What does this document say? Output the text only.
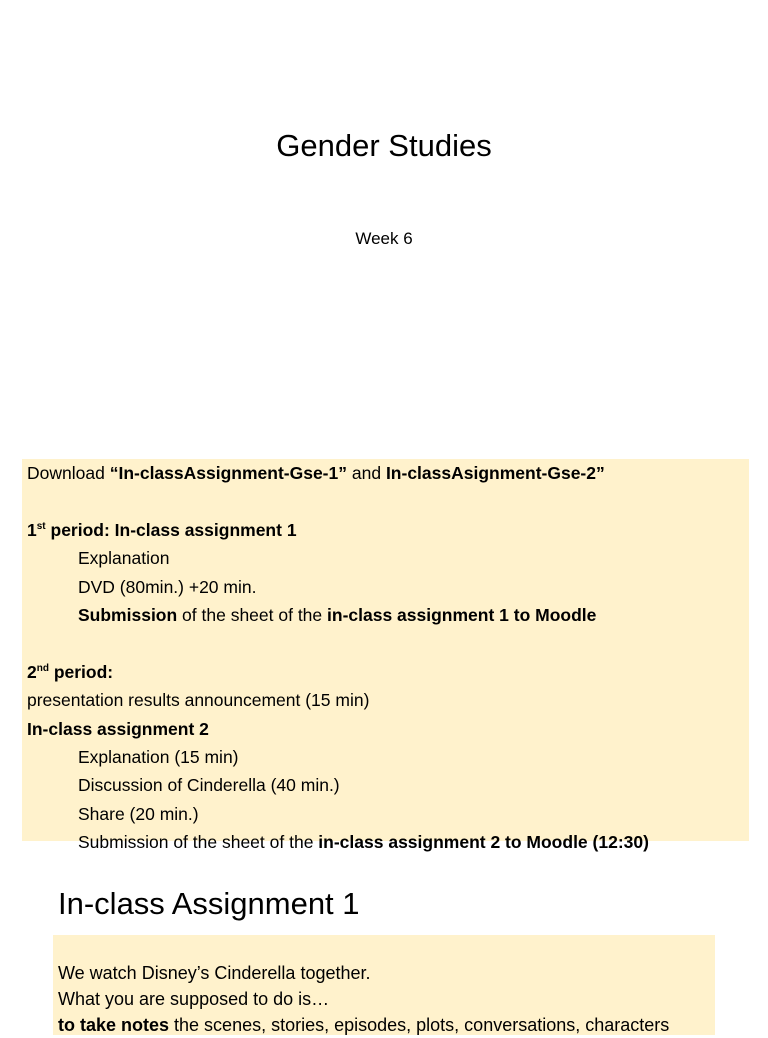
Gender Studies
Week 6
Download “In-classAssignment-Gse-1” and In-classAsignment-Gse-2”
1st period: In-class assignment 1
Explanation
DVD (80min.) +20 min.
Submission of the sheet of the in-class assignment 1 to Moodle
2nd period:
presentation results announcement (15 min)
In-class assignment 2
Explanation (15 min)
Discussion of Cinderella (40 min.)
Share (20 min.)
Submission of the sheet of the in-class assignment 2 to Moodle (12:30)
In-class Assignment 1
We watch Disney’s Cinderella together.
What you are supposed to do is…
to take notes the scenes, stories, episodes, plots, conversations, characters
